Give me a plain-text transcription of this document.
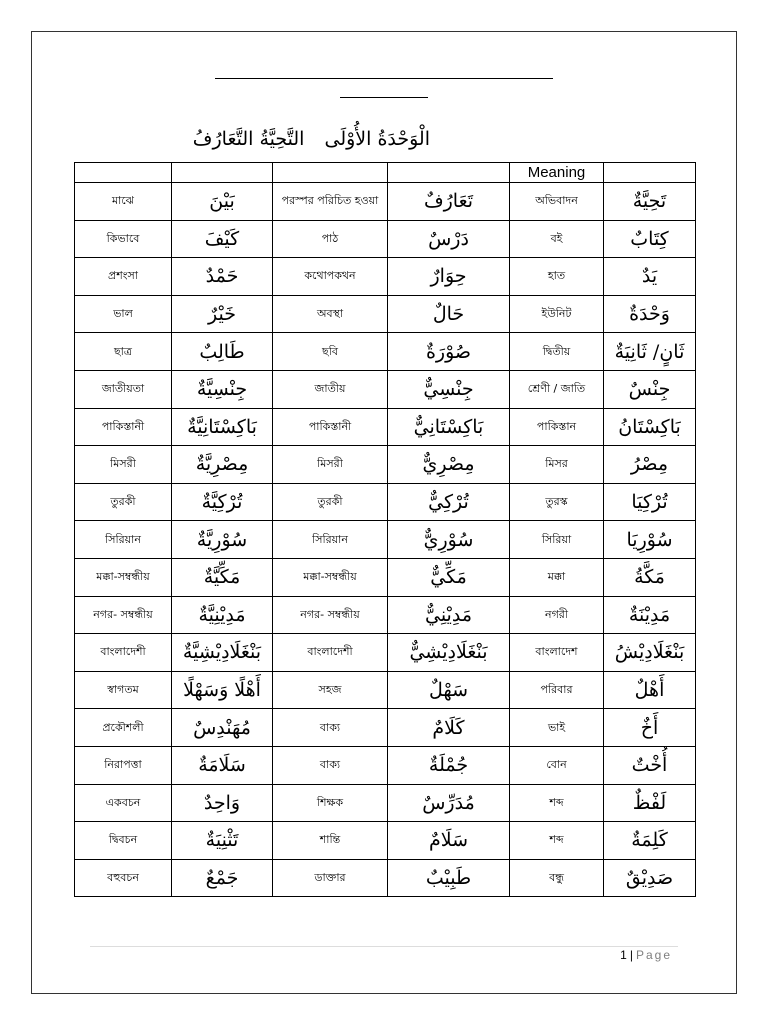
الْوَحْدَةُ الأُوْلَى التَّحِيَّةُ التَّعَارُفُ
				Meaning	
মাঝে	بَيْنَ	পরস্পর পরিচিত হওয়া	تَعَارُفٌ	অভিবাদন	تَحِيَّةٌ
কিভাবে	كَيْفَ	পাঠ	دَرْسٌ	বই	كِتَابٌ
প্রশংসা	حَمْدٌ	কথোপকথন	حِوَارٌ	হাত	يَدٌ
ভাল	خَيْرٌ	অবস্থা	حَالٌ	ইউনিট	وَحْدَةٌ
ছাত্র	طَالِبٌ	ছবি	صُوْرَةٌ	দ্বিতীয়	ثَانٍ/ ثَانِيَةٌ
জাতীয়তা	جِنْسِيَّةٌ	জাতীয়	جِنْسِيٌّ	শ্রেণী / জাতি	جِنْسٌ
পাকিস্তানী	بَاكِسْتَانِيَّةٌ	পাকিস্তানী	بَاكِسْتَانِيٌّ	পাকিস্তান	بَاكِسْتَانُ
মিসরী	مِصْرِيَّةٌ	মিসরী	مِصْرِيٌّ	মিসর	مِصْرُ
তুরকী	تُرْكِيَّةٌ	তুরকী	تُرْكِيٌّ	তুরস্ক	تُرْكِيَا
সিরিয়ান	سُوْرِيَّةٌ	সিরিয়ান	سُوْرِيٌّ	সিরিয়া	سُوْرِيَا
মক্কা-সম্বন্ধীয়	مَكِّيَّةٌ	মক্কা-সম্বন্ধীয়	مَكِّيٌّ	মক্কা	مَكَّةُ
নগর- সম্বন্ধীয়	مَدِيْنِيَّةٌ	নগর- সম্বন্ধীয়	مَدِيْنِيٌّ	নগরী	مَدِيْنَةٌ
বাংলাদেশী	بَنْغَلَادِيْشِيَّةٌ	বাংলাদেশী	بَنْغَلَادِيْشِيٌّ	বাংলাদেশ	بَنْغَلَادِيْشُ
স্বাগতম	أَهْلًا وَسَهْلًا	সহজ	سَهْلٌ	পরিবার	أَهْلٌ
প্রকৌশলী	مُهَنْدِسٌ	বাক্য	كَلَامٌ	ভাই	أَخٌ
নিরাপত্তা	سَلَامَةٌ	বাক্য	جُمْلَةٌ	বোন	أُخْتٌ
একবচন	وَاحِدٌ	শিক্ষক	مُدَرِّسٌ	শব্দ	لَفْظٌ
দ্বিবচন	تَثْنِيَةٌ	শান্তি	سَلَامٌ	শব্দ	كَلِمَةٌ
বহুবচন	جَمْعٌ	ডাক্তার	طَبِيْبٌ	বন্ধু	صَدِيْقٌ
1 | Page
